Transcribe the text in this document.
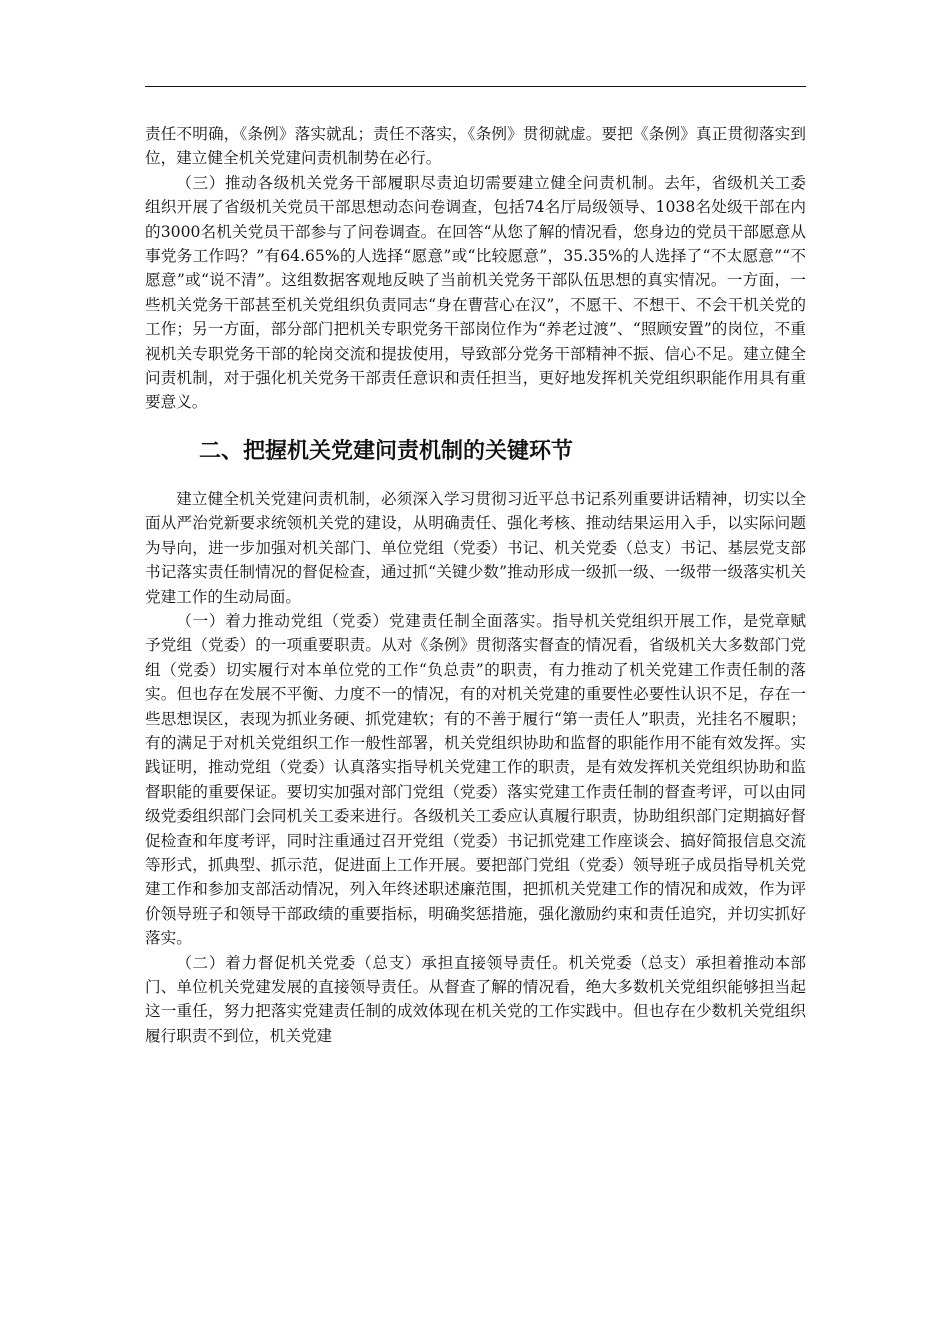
责任不明确，《条例》落实就乱；责任不落实，《条例》贯彻就虚。要把《条例》真正贯彻落实到位，建立健全机关党建问责机制势在必行。

（三）推动各级机关党务干部履职尽责迫切需要建立健全问责机制。去年，省级机关工委组织开展了省级机关党员干部思想动态问卷调查，包括74名厅局级领导、1038名处级干部在内的3000名机关党员干部参与了问卷调查。在回答“从您了解的情况看，您身边的党员干部愿意从事党务工作吗？”有64.65%的人选择“愿意”或“比较愿意”，35.35%的人选择了“不太愿意”“不愿意”或“说不清”。这组数据客观地反映了当前机关党务干部队伍思想的真实情况。一方面，一些机关党务干部甚至机关党组织负责同志“身在曹营心在汉”，不愿干、不想干、不会干机关党的工作；另一方面，部分部门把机关专职党务干部岗位作为“养老过渡”、“照顾安置”的岗位，不重视机关专职党务干部的轮岗交流和提拔使用，导致部分党务干部精神不振、信心不足。建立健全问责机制，对于强化机关党务干部责任意识和责任担当，更好地发挥机关党组织职能作用具有重要意义。

二、把握机关党建问责机制的关键环节

建立健全机关党建问责机制，必须深入学习贯彻习近平总书记系列重要讲话精神，切实以全面从严治党新要求统领机关党的建设，从明确责任、强化考核、推动结果运用入手，以实际问题为导向，进一步加强对机关部门、单位党组（党委）书记、机关党委（总支）书记、基层党支部书记落实责任制情况的督促检查，通过抓“关键少数”推动形成一级抓一级、一级带一级落实机关党建工作的生动局面。

（一）着力推动党组（党委）党建责任制全面落实。指导机关党组织开展工作，是党章赋予党组（党委）的一项重要职责。从对《条例》贯彻落实督查的情况看，省级机关大多数部门党组（党委）切实履行对本单位党的工作“负总责”的职责，有力推动了机关党建工作责任制的落实。但也存在发展不平衡、力度不一的情况，有的对机关党建的重要性必要性认识不足，存在一些思想误区，表现为抓业务硬、抓党建软；有的不善于履行“第一责任人”职责，光挂名不履职；有的满足于对机关党组织工作一般性部署，机关党组织协助和监督的职能作用不能有效发挥。实践证明，推动党组（党委）认真落实指导机关党建工作的职责，是有效发挥机关党组织协助和监督职能的重要保证。要切实加强对部门党组（党委）落实党建工作责任制的督查考评，可以由同级党委组织部门会同机关工委来进行。各级机关工委应认真履行职责，协助组织部门定期搞好督促检查和年度考评，同时注重通过召开党组（党委）书记抓党建工作座谈会、搞好简报信息交流等形式，抓典型、抓示范，促进面上工作开展。要把部门党组（党委）领导班子成员指导机关党建工作和参加支部活动情况，列入年终述职述廉范围，把抓机关党建工作的情况和成效，作为评价领导班子和领导干部政绩的重要指标，明确奖惩措施，强化激励约束和责任追究，并切实抓好落实。

（二）着力督促机关党委（总支）承担直接领导责任。机关党委（总支）承担着推动本部门、单位机关党建发展的直接领导责任。从督查了解的情况看，绝大多数机关党组织能够担当起这一重任，努力把落实党建责任制的成效体现在机关党的工作实践中。但也存在少数机关党组织履行职责不到位，机关党建
